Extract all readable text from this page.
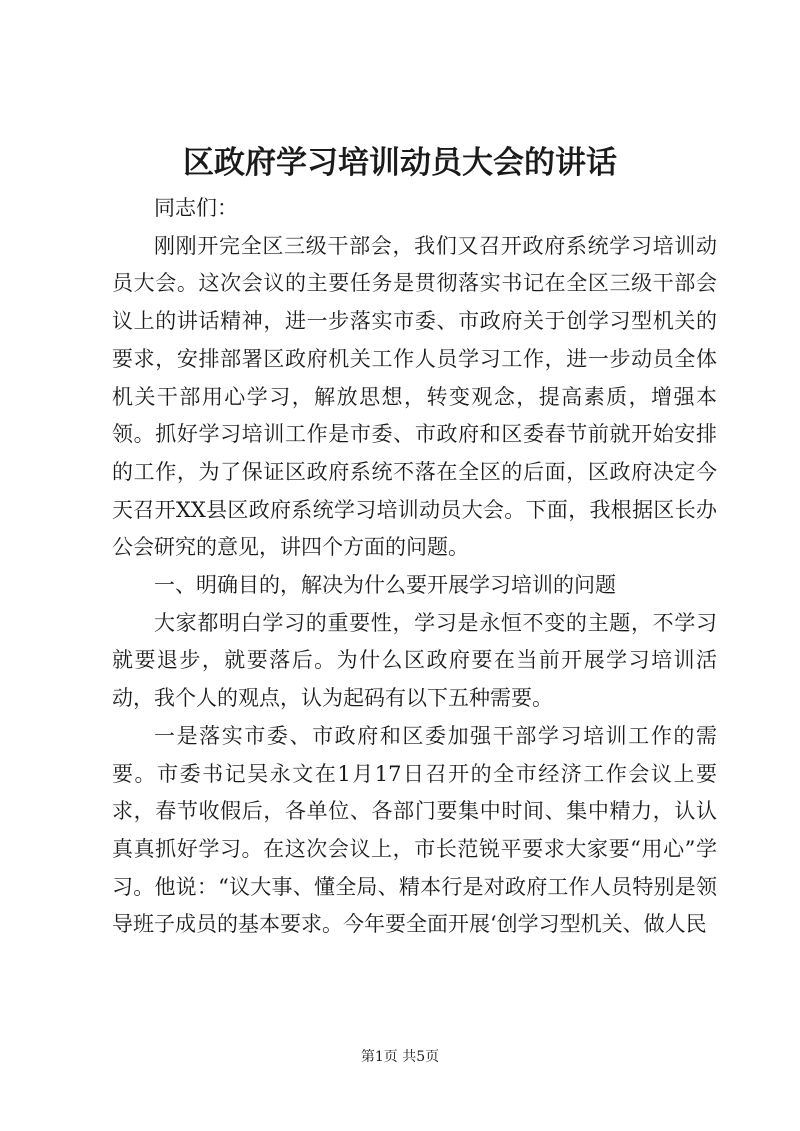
区政府学习培训动员大会的讲话

同志们：

刚刚开完全区三级干部会，我们又召开政府系统学习培训动员大会。这次会议的主要任务是贯彻落实书记在全区三级干部会议上的讲话精神，进一步落实市委、市政府关于创学习型机关的要求，安排部署区政府机关工作人员学习工作，进一步动员全体机关干部用心学习，解放思想，转变观念，提高素质，增强本领。抓好学习培训工作是市委、市政府和区委春节前就开始安排的工作，为了保证区政府系统不落在全区的后面，区政府决定今天召开XX县区政府系统学习培训动员大会。下面，我根据区长办公会研究的意见，讲四个方面的问题。

一、明确目的，解决为什么要开展学习培训的问题

大家都明白学习的重要性，学习是永恒不变的主题，不学习就要退步，就要落后。为什么区政府要在当前开展学习培训活动，我个人的观点，认为起码有以下五种需要。

一是落实市委、市政府和区委加强干部学习培训工作的需要。市委书记吴永文在1月17日召开的全市经济工作会议上要求，春节收假后，各单位、各部门要集中时间、集中精力，认认真真抓好学习。在这次会议上，市长范锐平要求大家要“用心”学习。他说：“议大事、懂全局、精本行是对政府工作人员特别是领导班子成员的基本要求。今年要全面开展‘创学习型机关、做人民

第1页 共5页
